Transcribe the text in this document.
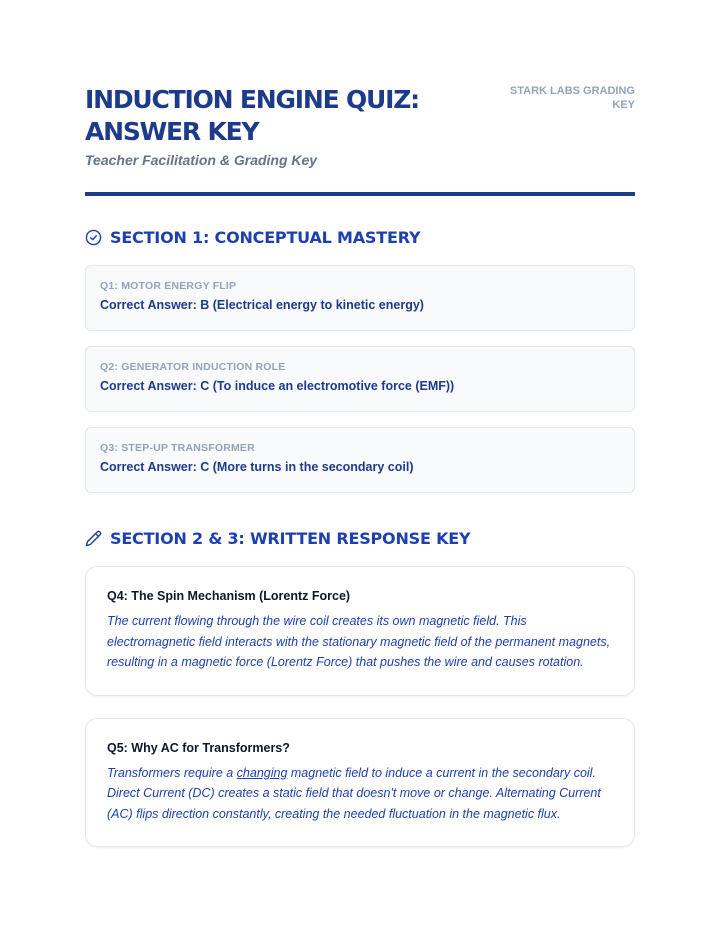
INDUCTION ENGINE QUIZ: ANSWER KEY
Teacher Facilitation & Grading Key
STARK LABS GRADING KEY
SECTION 1: CONCEPTUAL MASTERY
Q1: MOTOR ENERGY FLIP
Correct Answer: B (Electrical energy to kinetic energy)
Q2: GENERATOR INDUCTION ROLE
Correct Answer: C (To induce an electromotive force (EMF))
Q3: STEP-UP TRANSFORMER
Correct Answer: C (More turns in the secondary coil)
SECTION 2 & 3: WRITTEN RESPONSE KEY
Q4: The Spin Mechanism (Lorentz Force)
The current flowing through the wire coil creates its own magnetic field. This electromagnetic field interacts with the stationary magnetic field of the permanent magnets, resulting in a magnetic force (Lorentz Force) that pushes the wire and causes rotation.
Q5: Why AC for Transformers?
Transformers require a changing magnetic field to induce a current in the secondary coil. Direct Current (DC) creates a static field that doesn't move or change. Alternating Current (AC) flips direction constantly, creating the needed fluctuation in the magnetic flux.
